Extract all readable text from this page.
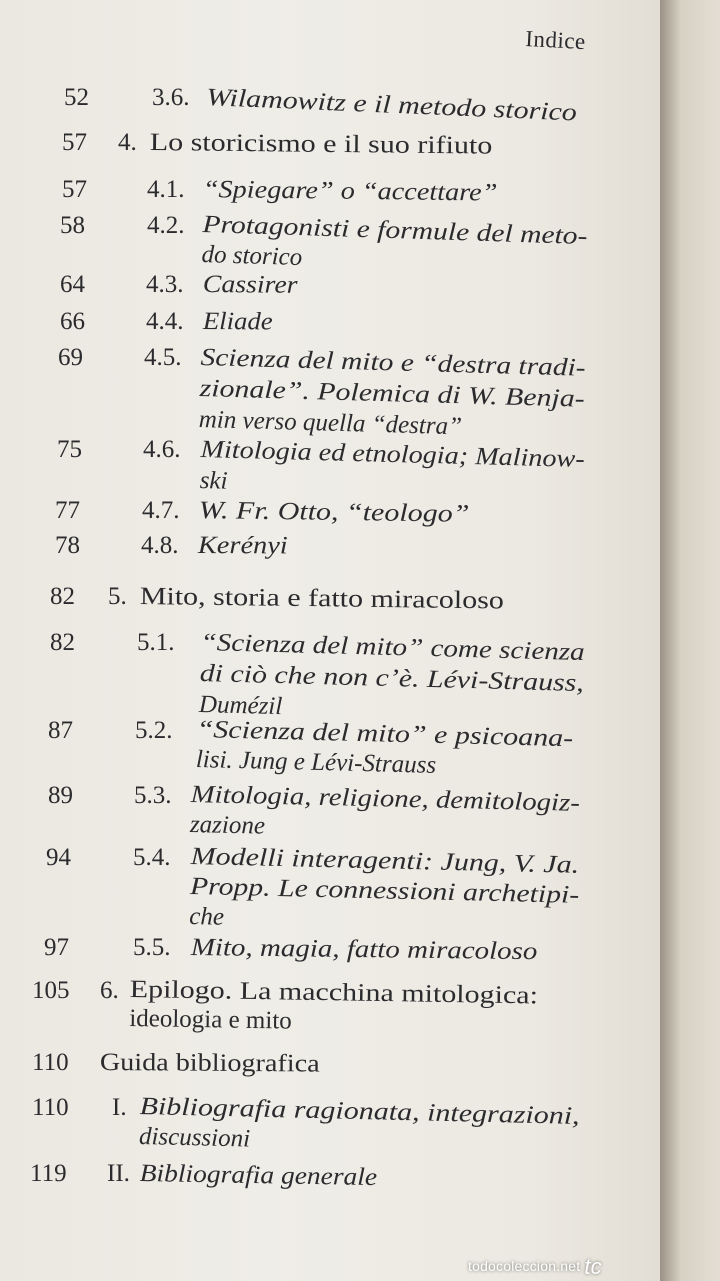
Indice
52	3.6. Wilamowitz e il metodo storico
57 4. Lo storicismo e il suo rifiuto
57 4.1. “Spiegare” o “accettare”
58 4.2. Protagonisti e formule del meto-
do storico
64 4.3. Cassirer
66 4.4. Eliade
69 4.5. Scienza del mito e “destra tradi-
zionale”. Polemica di W. Benja-
min verso quella “destra”
75 4.6. Mitologia ed etnologia; Malinow-
ski
77 4.7. W. Fr. Otto, “teologo”
78 4.8. Kerényi
82 5. Mito, storia e fatto miracoloso
82 5.1. “Scienza del mito” come scienza
di ciò che non c’è. Lévi-Strauss,
Dumézil
87 5.2. “Scienza del mito” e psicoana-
lisi. Jung e Lévi-Strauss
89 5.3. Mitologia, religione, demitologiz-
zazione
94 5.4. Modelli interagenti: Jung, V. Ja.
Propp. Le connessioni archetipi-
che
97	5.5. Mito, magia, fatto miracoloso
105 6. Epilogo. La macchina mitologica:
ideologia e mito
110 Guida bibliografica
110 I. Bibliografia ragionata, integrazioni,
discussioni
119 II. Bibliografia generale
todocoleccion.net tc
